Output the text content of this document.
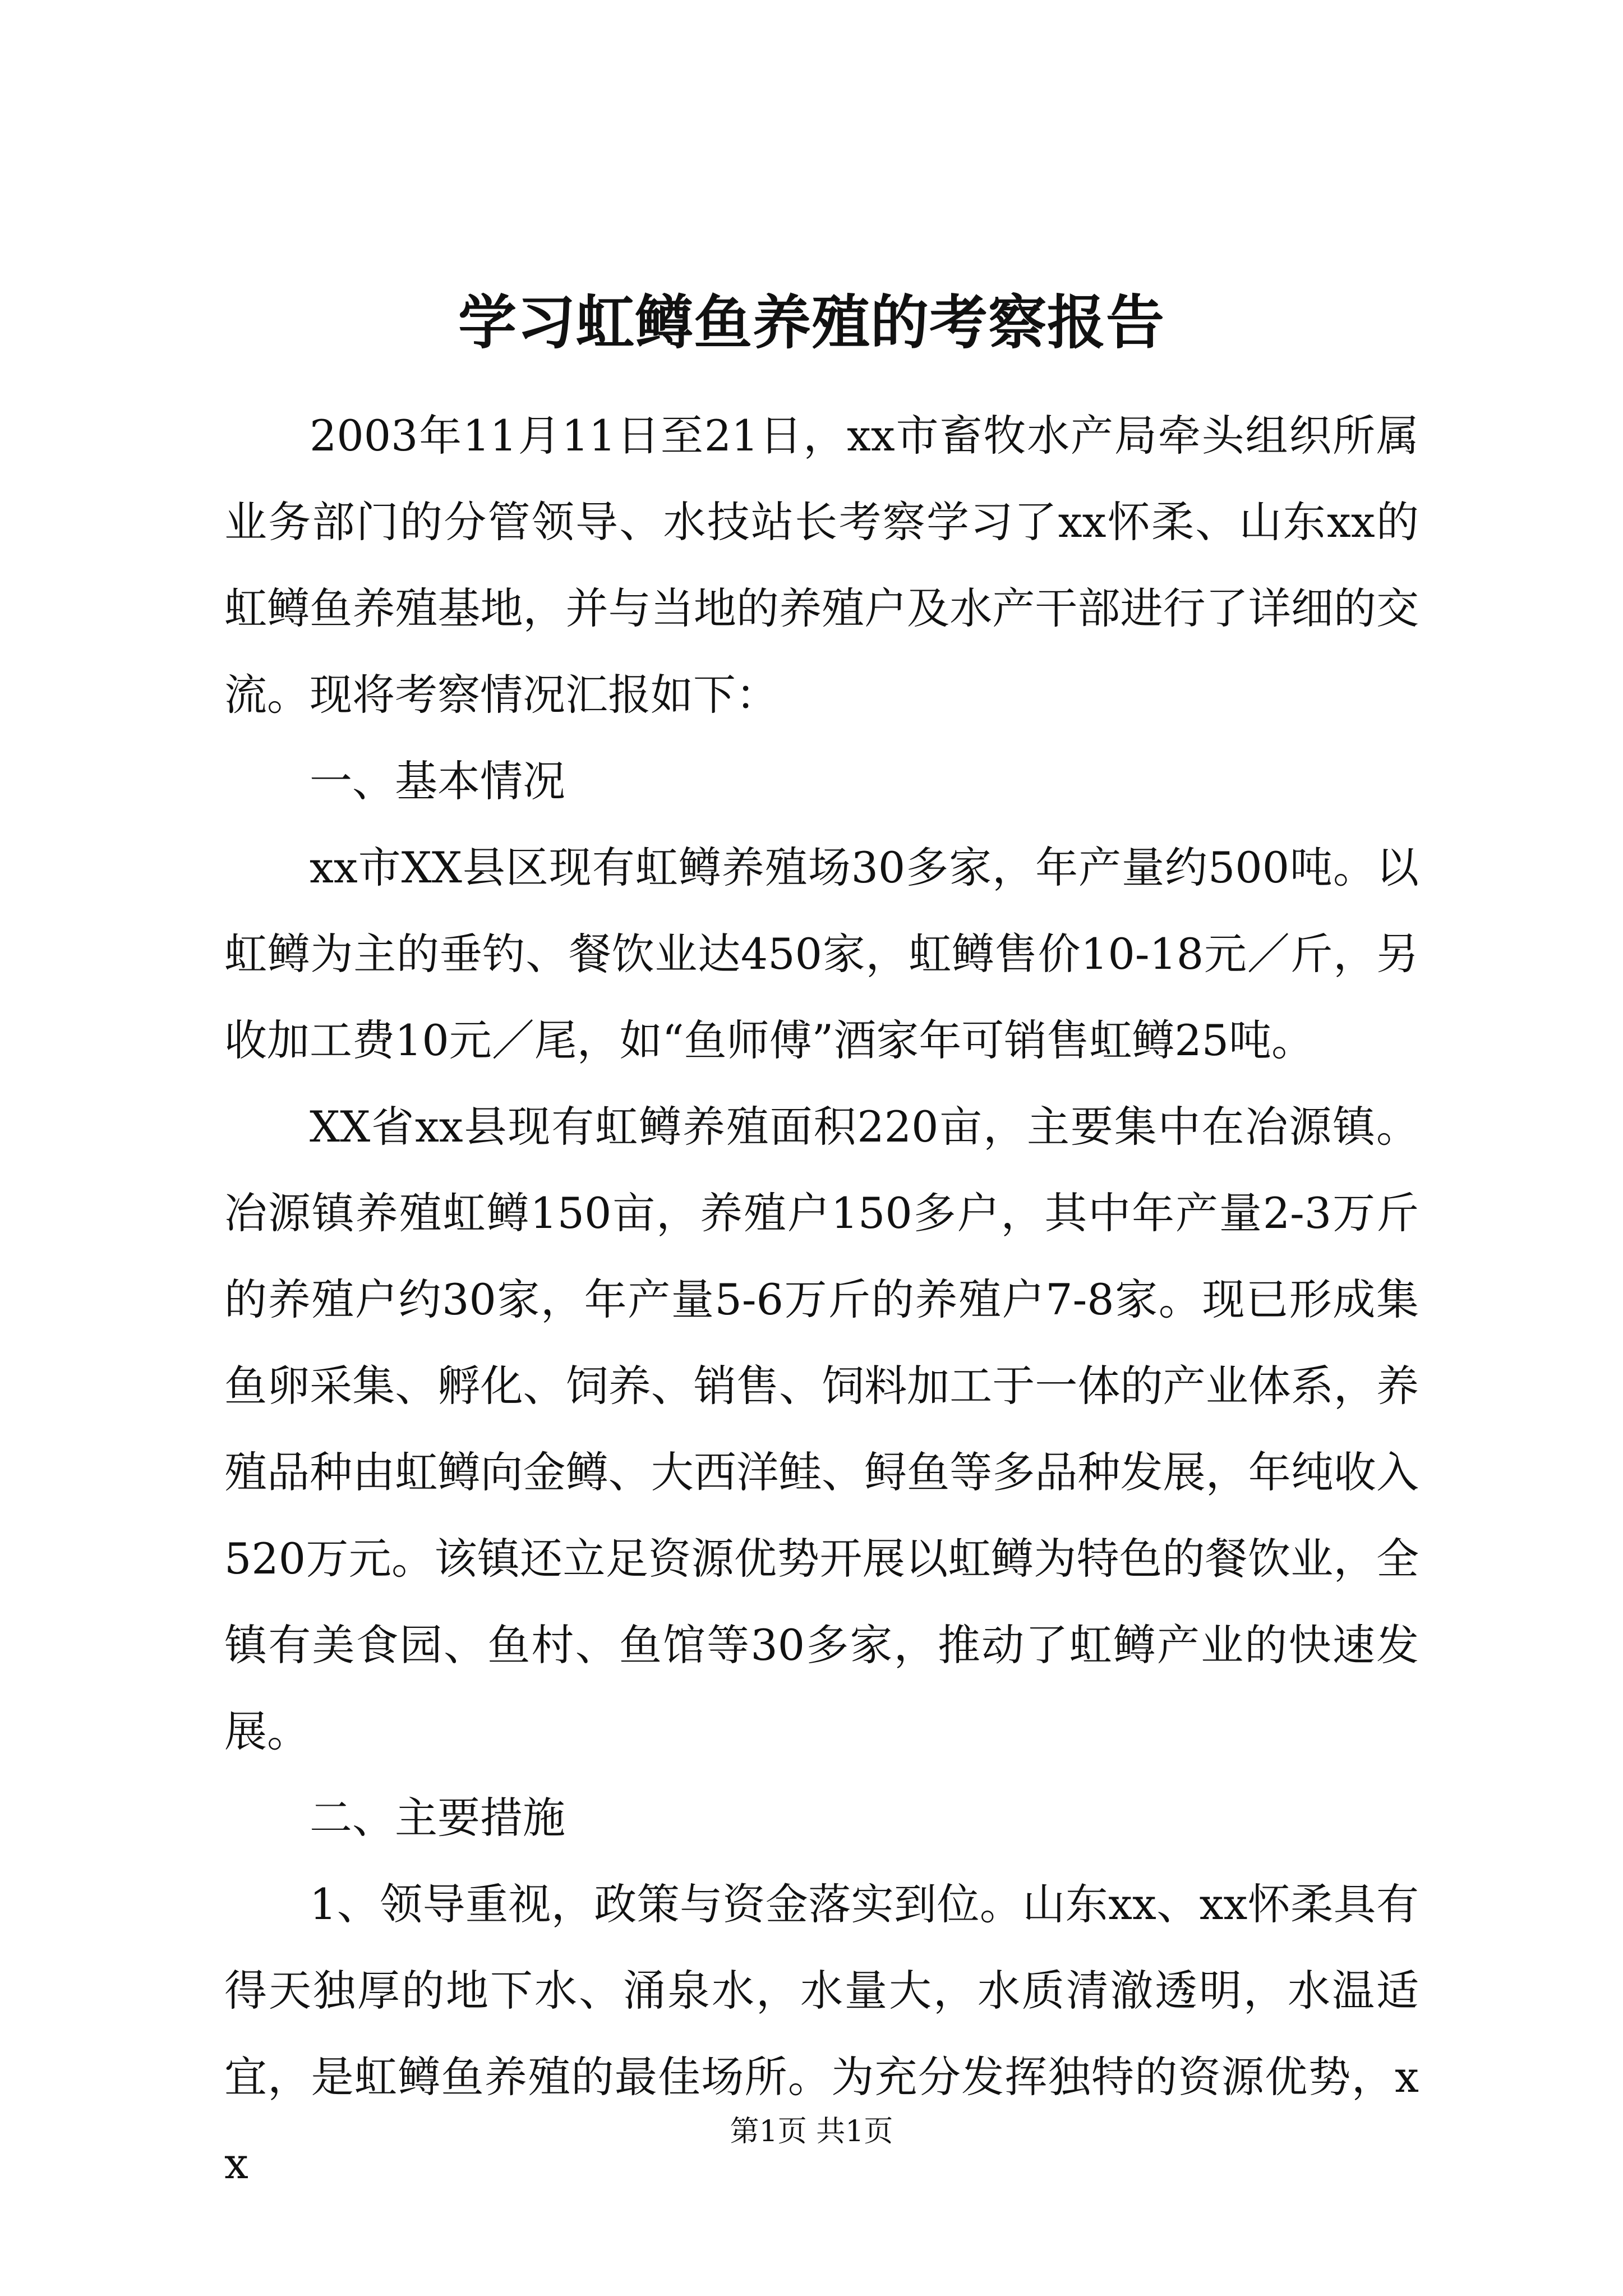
学习虹鳟鱼养殖的考察报告

2003年11月11日至21日，xx市畜牧水产局牵头组织所属业务部门的分管领导、水技站长考察学习了xx怀柔、山东xx的虹鳟鱼养殖基地，并与当地的养殖户及水产干部进行了详细的交流。现将考察情况汇报如下：

一、基本情况

xx市XX县区现有虹鳟养殖场30多家，年产量约500吨。以虹鳟为主的垂钓、餐饮业达450家，虹鳟售价10-18元／斤，另收加工费10元／尾，如“鱼师傅”酒家年可销售虹鳟25吨。

XX省xx县现有虹鳟养殖面积220亩，主要集中在冶源镇。冶源镇养殖虹鳟150亩，养殖户150多户，其中年产量2-3万斤的养殖户约30家，年产量5-6万斤的养殖户7-8家。现已形成集鱼卵采集、孵化、饲养、销售、饲料加工于一体的产业体系，养殖品种由虹鳟向金鳟、大西洋鲑、鲟鱼等多品种发展，年纯收入520万元。该镇还立足资源优势开展以虹鳟为特色的餐饮业，全镇有美食园、鱼村、鱼馆等30多家，推动了虹鳟产业的快速发展。

二、主要措施

1、领导重视，政策与资金落实到位。山东xx、xx怀柔具有得天独厚的地下水、涌泉水，水量大，水质清澈透明，水温适宜，是虹鳟鱼养殖的最佳场所。为充分发挥独特的资源优势，xx

第1页 共1页
